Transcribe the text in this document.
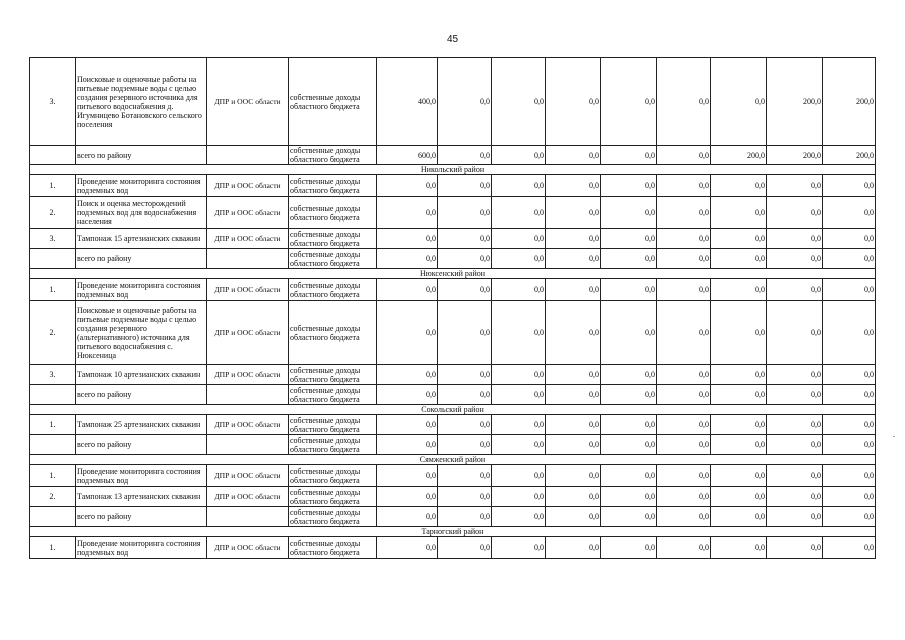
45
3.	Поисковые и оценочные работы на питьевые подземные воды с целью создания резервного источника для питьевого водоснабжения д. Игумницево Ботановского сельского поселения	ДПР и ООС области	собственные доходы областного бюджета	400,0	0,0	0,0	0,0	0,0	0,0	0,0	200,0	200,0
	всего по району		собственные доходы областного бюджета	600,0	0,0	0,0	0,0	0,0	0,0	200,0	200,0	200,0
Никольский район												
1.	Проведение мониторинга состояния подземных вод	ДПР и ООС области	собственные доходы областного бюджета	0,0	0,0	0,0	0,0	0,0	0,0	0,0	0,0	0,0
2.	Поиск и оценка месторождений подземных вод для водоснабжения населения	ДПР и ООС области	собственные доходы областного бюджета	0,0	0,0	0,0	0,0	0,0	0,0	0,0	0,0	0,0
3.	Тампонаж 15 артезианских скважин	ДПР и ООС области	собственные доходы областного бюджета	0,0	0,0	0,0	0,0	0,0	0,0	0,0	0,0	0,0
	всего по району		собственные доходы областного бюджета	0,0	0,0	0,0	0,0	0,0	0,0	0,0	0,0	0,0
Нюксенский район												
1.	Проведение мониторинга состояния подземных вод	ДПР и ООС области	собственные доходы областного бюджета	0,0	0,0	0,0	0,0	0,0	0,0	0,0	0,0	0,0
2.	Поисковые и оценочные работы на питьевые подземные воды с целью создания резервного (альтернативного) источника для питьевого водоснабжения с. Нюксеница	ДПР и ООС области	собственные доходы областного бюджета	0,0	0,0	0,0	0,0	0,0	0,0	0,0	0,0	0,0
3.	Тампонаж 10 артезианских скважин	ДПР и ООС области	собственные доходы областного бюджета	0,0	0,0	0,0	0,0	0,0	0,0	0,0	0,0	0,0
	всего по району		собственные доходы областного бюджета	0,0	0,0	0,0	0,0	0,0	0,0	0,0	0,0	0,0
Сокольский район												
1.	Тампонаж 25 артезианских скважин	ДПР и ООС области	собственные доходы областного бюджета	0,0	0,0	0,0	0,0	0,0	0,0	0,0	0,0	0,0
	всего по району		собственные доходы областного бюджета	0,0	0,0	0,0	0,0	0,0	0,0	0,0	0,0	0,0
Сямженский район												
1.	Проведение мониторинга состояния подземных вод	ДПР и ООС области	собственные доходы областного бюджета	0,0	0,0	0,0	0,0	0,0	0,0	0,0	0,0	0,0
2.	Тампонаж 13 артезианских скважин	ДПР и ООС области	собственные доходы областного бюджета	0,0	0,0	0,0	0,0	0,0	0,0	0,0	0,0	0,0
	всего по району		собственные доходы областного бюджета	0,0	0,0	0,0	0,0	0,0	0,0	0,0	0,0	0,0
Тарногский район												
1.	Проведение мониторинга состояния подземных вод	ДПР и ООС области	собственные доходы областного бюджета	0,0	0,0	0,0	0,0	0,0	0,0	0,0	0,0	0,0
.
